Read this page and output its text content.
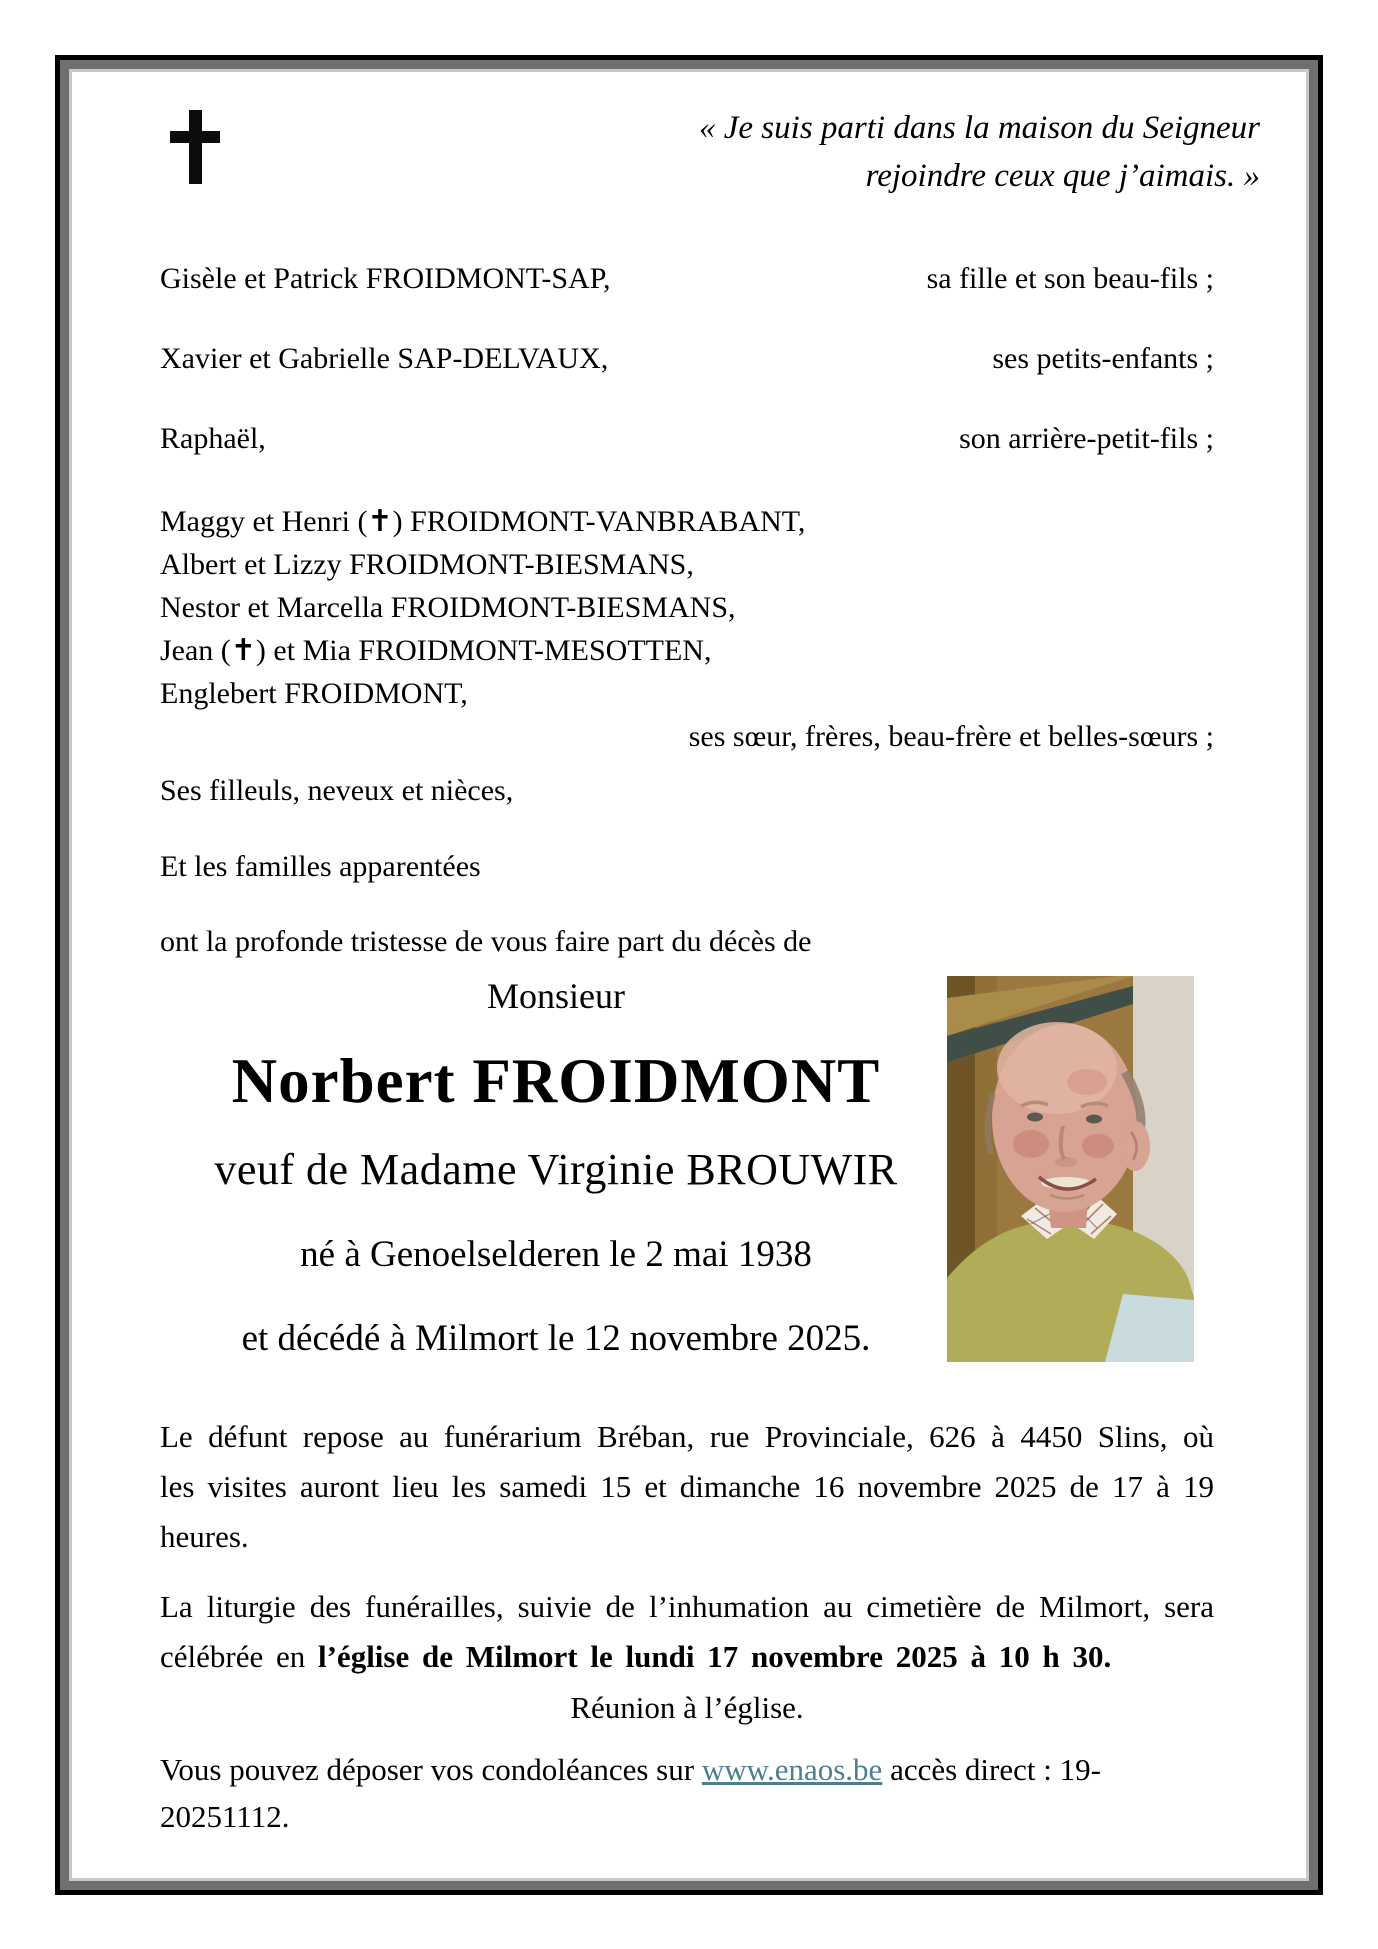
« Je suis parti dans la maison du Seigneur
rejoindre ceux que j’aimais. »
Gisèle et Patrick FROIDMONT-SAP,	sa fille et son beau-fils ;
Xavier et Gabrielle SAP-DELVAUX,	ses petits-enfants ;
Raphaël,	son arrière-petit-fils ;
Maggy et Henri (✝) FROIDMONT-VANBRABANT,
Albert et Lizzy FROIDMONT-BIESMANS,
Nestor et Marcella FROIDMONT-BIESMANS,
Jean (✝) et Mia FROIDMONT-MESOTTEN,
Englebert FROIDMONT,
ses sœur, frères, beau-frère et belles-sœurs ;
Ses filleuls, neveux et nièces,
Et les familles apparentées
ont la profonde tristesse de vous faire part du décès de
Monsieur
Norbert FROIDMONT
veuf de Madame Virginie BROUWIR
né à Genoelselderen le 2 mai 1938
et décédé à Milmort le 12 novembre 2025.

Le défunt repose au funérarium Bréban, rue Provinciale, 626 à 4450 Slins, où les visites auront lieu les samedi 15 et dimanche 16 novembre 2025 de 17 à 19 heures.

La liturgie des funérailles, suivie de l’inhumation au cimetière de Milmort, sera célébrée en l’église de Milmort le lundi 17 novembre 2025 à 10 h 30.

Réunion à l’église.

Vous pouvez déposer vos condoléances sur www.enaos.be accès direct : 19-20251112.
